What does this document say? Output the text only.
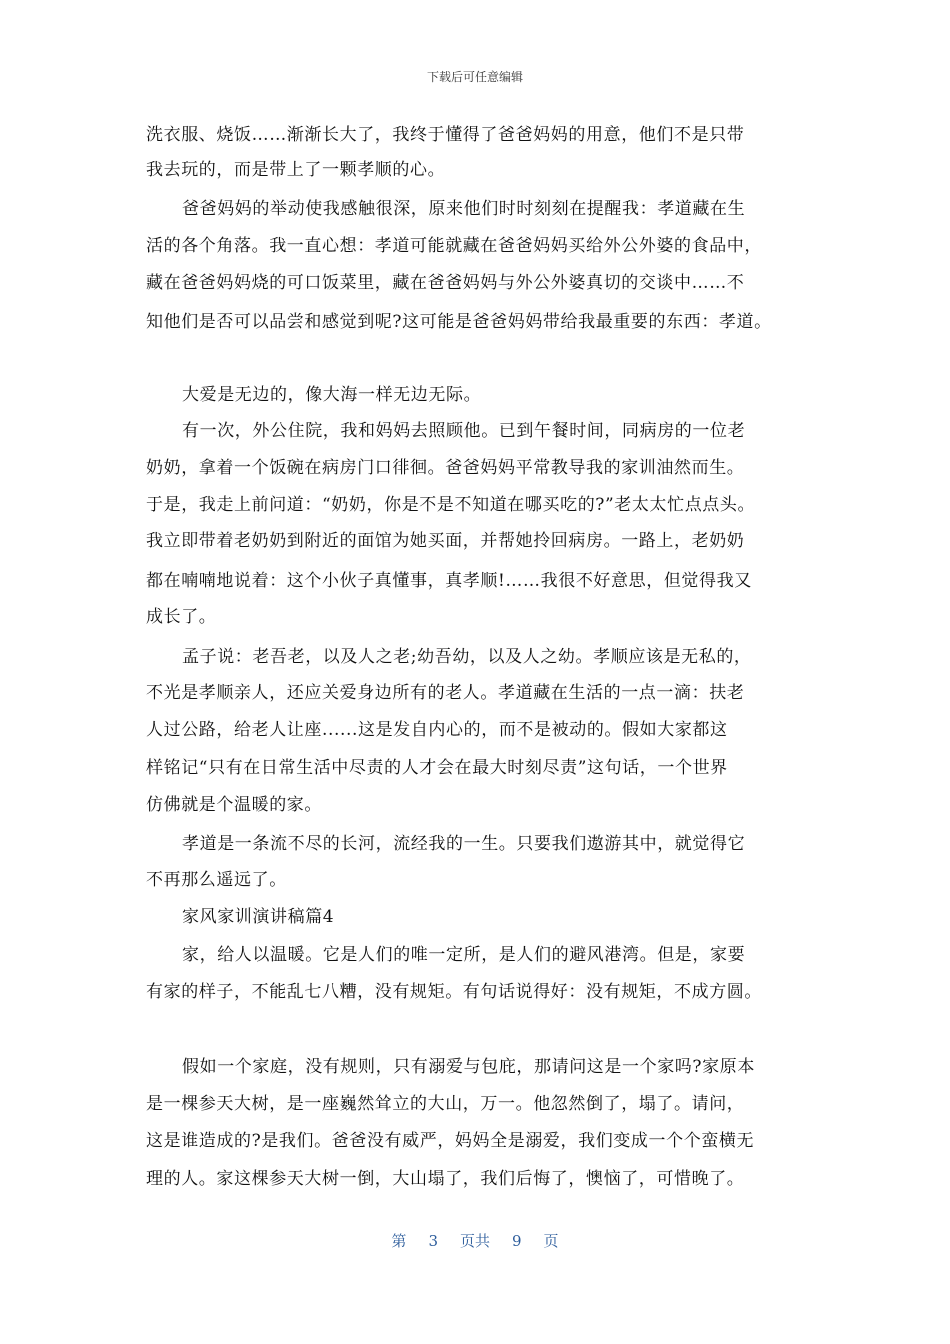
下载后可任意编辑
洗衣服、烧饭……渐渐长大了，我终于懂得了爸爸妈妈的用意，他们不是只带
我去玩的，而是带上了一颗孝顺的心。
爸爸妈妈的举动使我感触很深，原来他们时时刻刻在提醒我：孝道藏在生
活的各个角落。我一直心想：孝道可能就藏在爸爸妈妈买给外公外婆的食品中，
藏在爸爸妈妈烧的可口饭菜里，藏在爸爸妈妈与外公外婆真切的交谈中……不
知他们是否可以品尝和感觉到呢?这可能是爸爸妈妈带给我最重要的东西：孝道。
大爱是无边的，像大海一样无边无际。
有一次，外公住院，我和妈妈去照顾他。已到午餐时间，同病房的一位老
奶奶，拿着一个饭碗在病房门口徘徊。爸爸妈妈平常教导我的家训油然而生。
于是，我走上前问道：“奶奶，你是不是不知道在哪买吃的?”老太太忙点点头。
我立即带着老奶奶到附近的面馆为她买面，并帮她拎回病房。一路上，老奶奶
都在喃喃地说着：这个小伙子真懂事，真孝顺!……我很不好意思，但觉得我又
成长了。
孟子说：老吾老，以及人之老;幼吾幼，以及人之幼。孝顺应该是无私的，
不光是孝顺亲人，还应关爱身边所有的老人。孝道藏在生活的一点一滴：扶老
人过公路，给老人让座......这是发自内心的，而不是被动的。假如大家都这
样铭记“只有在日常生活中尽责的人才会在最大时刻尽责”这句话，一个世界
仿佛就是个温暖的家。
孝道是一条流不尽的长河，流经我的一生。只要我们遨游其中，就觉得它
不再那么遥远了。
家风家训演讲稿篇4
家，给人以温暖。它是人们的唯一定所，是人们的避风港湾。但是，家要
有家的样子，不能乱七八糟，没有规矩。有句话说得好：没有规矩，不成方圆。
假如一个家庭，没有规则，只有溺爱与包庇，那请问这是一个家吗?家原本
是一棵参天大树，是一座巍然耸立的大山，万一。他忽然倒了，塌了。请问，
这是谁造成的?是我们。爸爸没有威严，妈妈全是溺爱，我们变成一个个蛮横无
理的人。家这棵参天大树一倒，大山塌了，我们后悔了，懊恼了，可惜晚了。
第 3 页共 9 页
